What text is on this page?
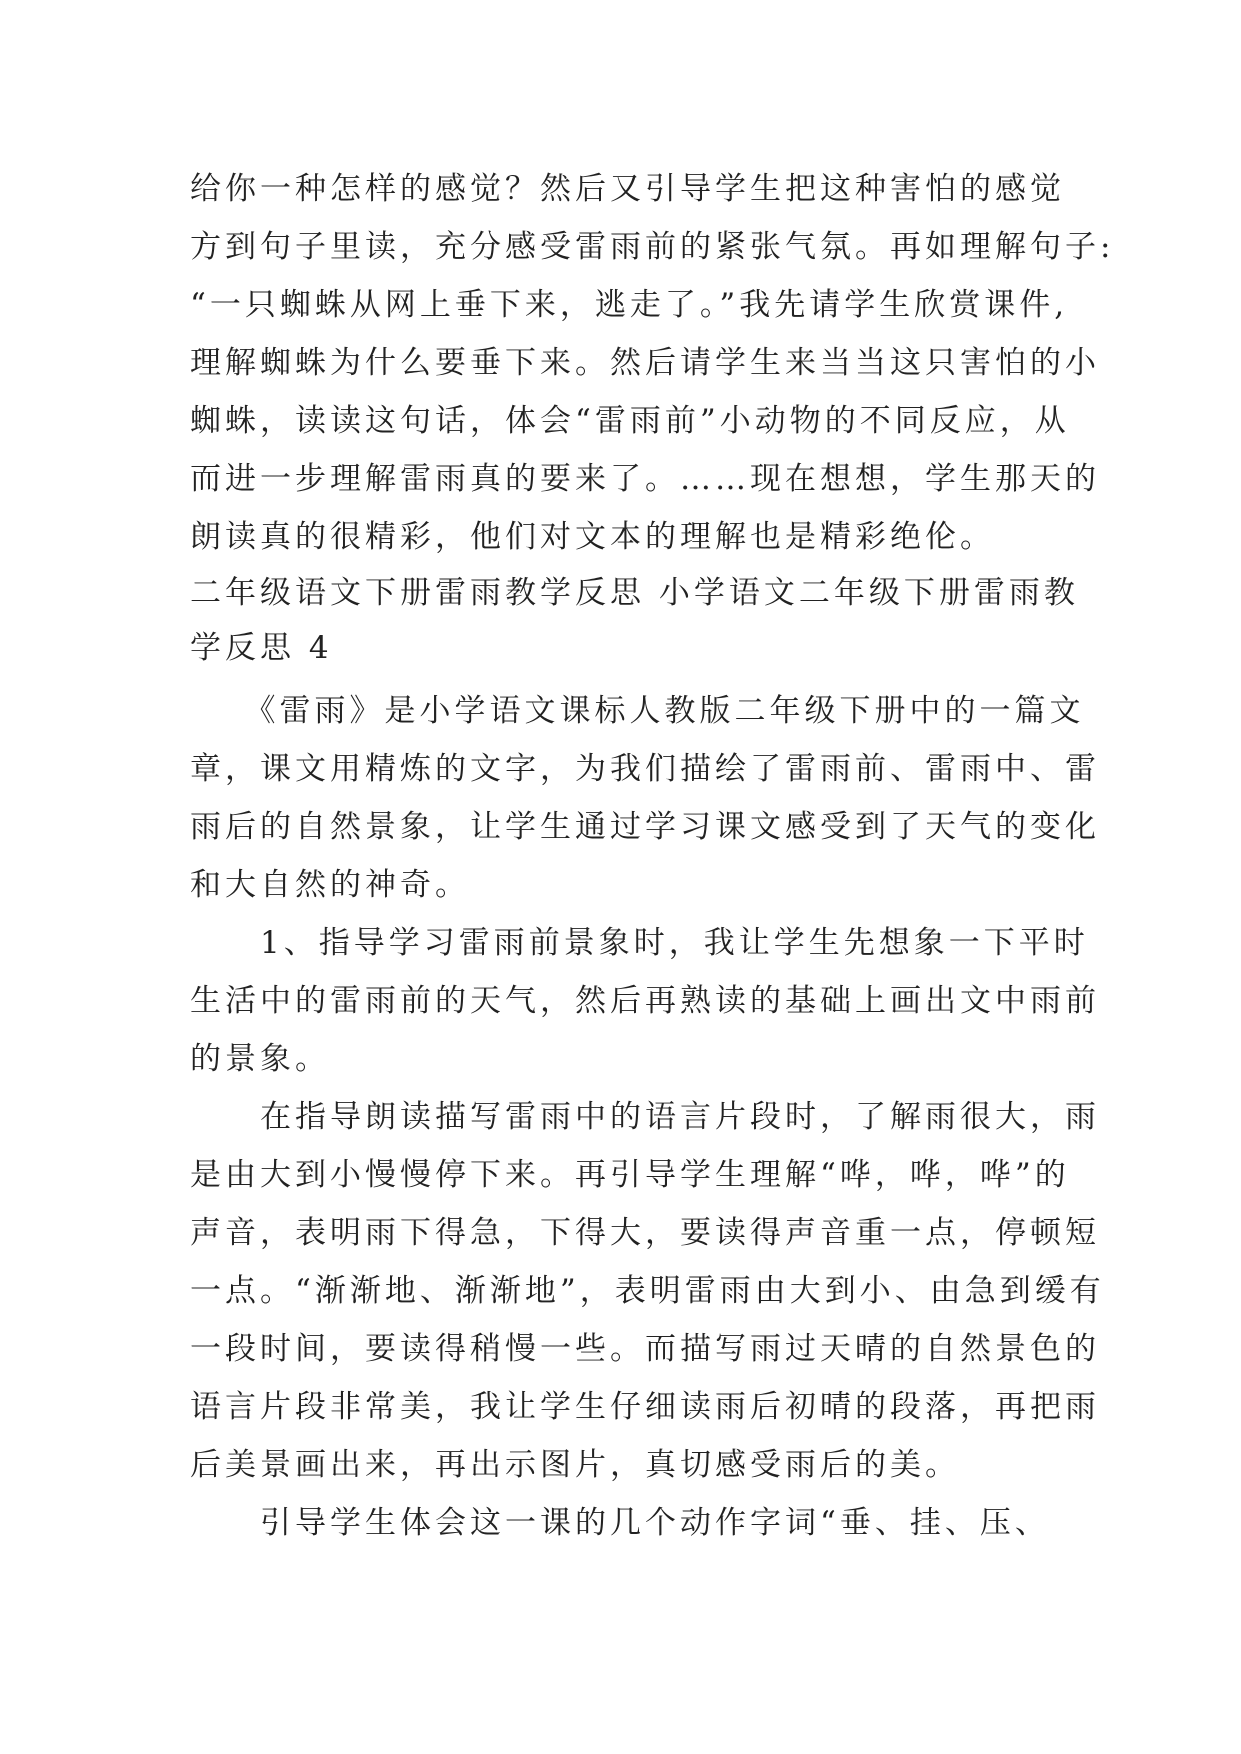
给你一种怎样的感觉？然后又引导学生把这种害怕的感觉
方到句子里读，充分感受雷雨前的紧张气氛。再如理解句子:
“一只蜘蛛从网上垂下来，逃走了。”我先请学生欣赏课件,
理解蜘蛛为什么要垂下来。然后请学生来当当这只害怕的小
蜘蛛，读读这句话，体会“雷雨前”小动物的不同反应，从
而进一步理解雷雨真的要来了。……现在想想，学生那天的
朗读真的很精彩，他们对文本的理解也是精彩绝伦。
二年级语文下册雷雨教学反思 小学语文二年级下册雷雨教
学反思 4
　　《雷雨》是小学语文课标人教版二年级下册中的一篇文
章，课文用精炼的文字，为我们描绘了雷雨前、雷雨中、雷
雨后的自然景象，让学生通过学习课文感受到了天气的变化
和大自然的神奇。
　　1、指导学习雷雨前景象时，我让学生先想象一下平时
生活中的雷雨前的天气，然后再熟读的基础上画出文中雨前
的景象。
　　在指导朗读描写雷雨中的语言片段时，了解雨很大，雨
是由大到小慢慢停下来。再引导学生理解“哗，哗，哗”的
声音，表明雨下得急，下得大，要读得声音重一点，停顿短
一点。“渐渐地、渐渐地”，表明雷雨由大到小、由急到缓有
一段时间，要读得稍慢一些。而描写雨过天晴的自然景色的
语言片段非常美，我让学生仔细读雨后初晴的段落，再把雨
后美景画出来，再出示图片，真切感受雨后的美。
　　引导学生体会这一课的几个动作字词“垂、挂、压、
